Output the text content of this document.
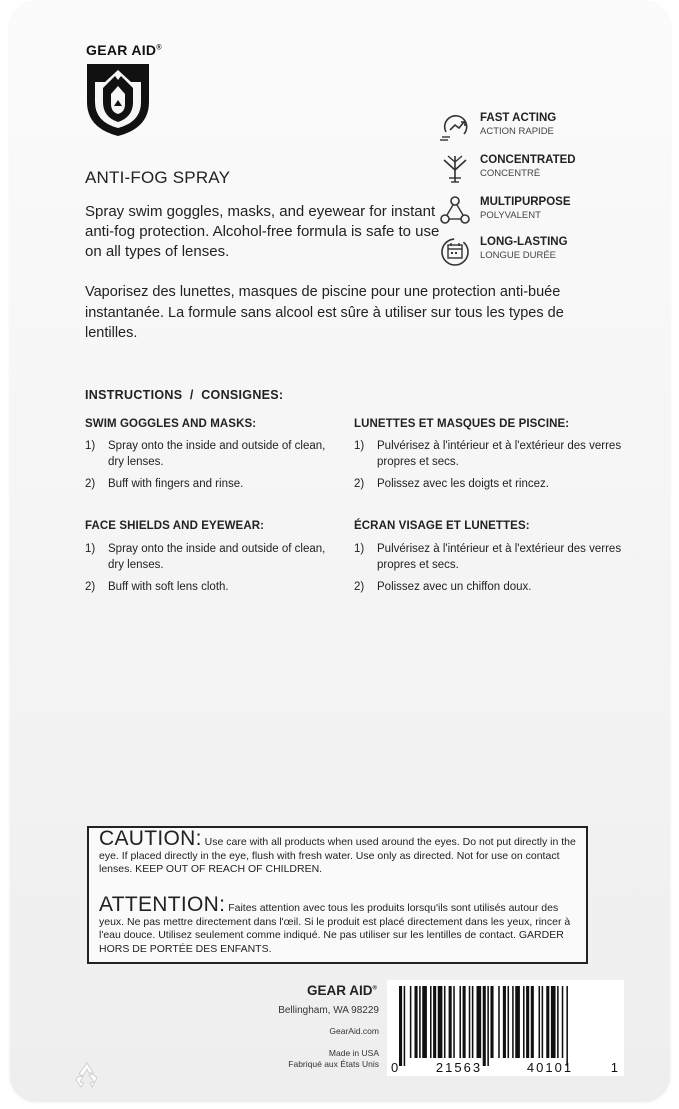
GEAR AID®
ANTI-FOG SPRAY
Spray swim goggles, masks, and eyewear for instant anti-fog protection. Alcohol-free formula is safe to use on all types of lenses.
Vaporisez des lunettes, masques de piscine pour une protection anti-buée instantanée. La formule sans alcool est sûre à utiliser sur tous les types de lentilles.
FAST ACTING
ACTION RAPIDE
CONCENTRATED
CONCENTRÉ
MULTIPURPOSE
POLYVALENT
LONG-LASTING
LONGUE DURÉE
INSTRUCTIONS  /  CONSIGNES:
SWIM GOGGLES AND MASKS:
1) Spray onto the inside and outside of clean, dry lenses.
2) Buff with fingers and rinse.
FACE SHIELDS AND EYEWEAR:
1) Spray onto the inside and outside of clean, dry lenses.
2) Buff with soft lens cloth.
LUNETTES ET MASQUES DE PISCINE:
1) Pulvérisez à l'intérieur et à l'extérieur des verres propres et secs.
2) Polissez avec les doigts et rincez.
ÉCRAN VISAGE ET LUNETTES:
1) Pulvérisez à l'intérieur et à l'extérieur des verres propres et secs.
2) Polissez avec un chiffon doux.
CAUTION: Use care with all products when used around the eyes. Do not put directly in the eye. If placed directly in the eye, flush with fresh water. Use only as directed. Not for use on contact lenses. KEEP OUT OF REACH OF CHILDREN.
ATTENTION: Faites attention avec tous les produits lorsqu'ils sont utilisés autour des yeux. Ne pas mettre directement dans l'œil. Si le produit est placé directement dans les yeux, rincer à l'eau douce. Utilisez seulement comme indiqué. Ne pas utiliser sur les lentilles de contact. GARDER HORS DE PORTÉE DES ENFANTS.
GEAR AID®
Bellingham, WA 98229
GearAid.com
Made in USA
Fabriqué aux États Unis 0	21563	40101	1
